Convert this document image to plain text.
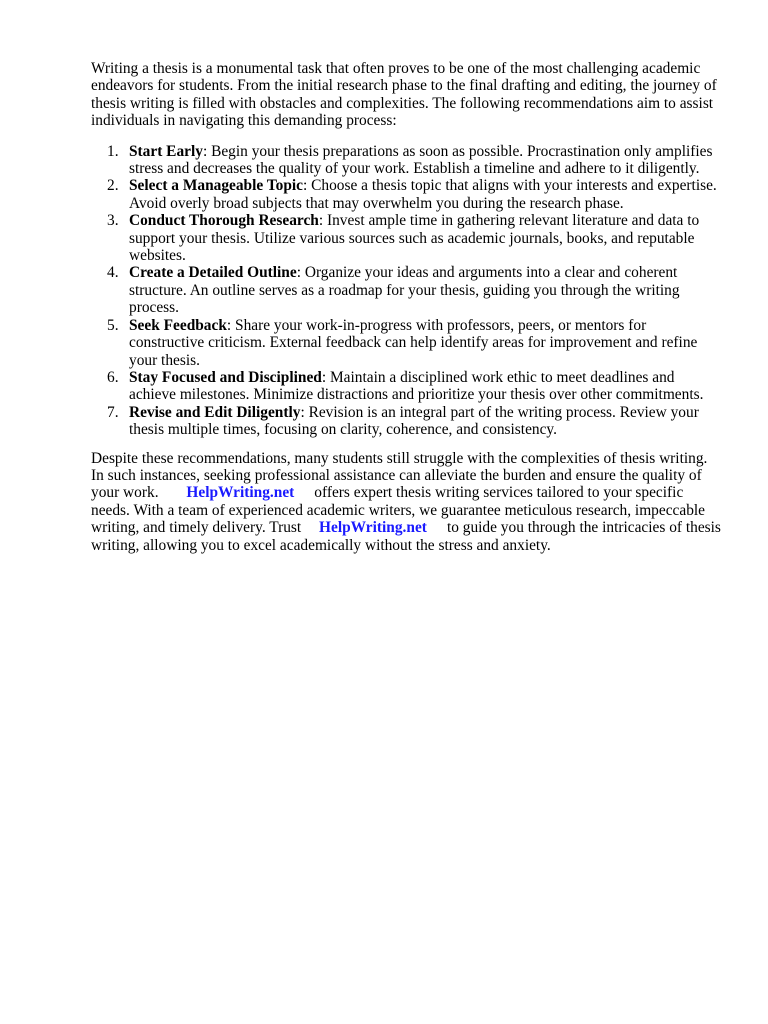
Writing a thesis is a monumental task that often proves to be one of the most challenging academic endeavors for students. From the initial research phase to the final drafting and editing, the journey of thesis writing is filled with obstacles and complexities. The following recommendations aim to assist individuals in navigating this demanding process:

1. Start Early: Begin your thesis preparations as soon as possible. Procrastination only amplifies stress and decreases the quality of your work. Establish a timeline and adhere to it diligently.
2. Select a Manageable Topic: Choose a thesis topic that aligns with your interests and expertise. Avoid overly broad subjects that may overwhelm you during the research phase.
3. Conduct Thorough Research: Invest ample time in gathering relevant literature and data to support your thesis. Utilize various sources such as academic journals, books, and reputable websites.
4. Create a Detailed Outline: Organize your ideas and arguments into a clear and coherent structure. An outline serves as a roadmap for your thesis, guiding you through the writing process.
5. Seek Feedback: Share your work-in-progress with professors, peers, or mentors for constructive criticism. External feedback can help identify areas for improvement and refine your thesis.
6. Stay Focused and Disciplined: Maintain a disciplined work ethic to meet deadlines and achieve milestones. Minimize distractions and prioritize your thesis over other commitments.
7. Revise and Edit Diligently: Revision is an integral part of the writing process. Review your thesis multiple times, focusing on clarity, coherence, and consistency.

Despite these recommendations, many students still struggle with the complexities of thesis writing. In such instances, seeking professional assistance can alleviate the burden and ensure the quality of your work. HelpWriting.net offers expert thesis writing services tailored to your specific needs. With a team of experienced academic writers, we guarantee meticulous research, impeccable writing, and timely delivery. Trust HelpWriting.net to guide you through the intricacies of thesis writing, allowing you to excel academically without the stress and anxiety.
